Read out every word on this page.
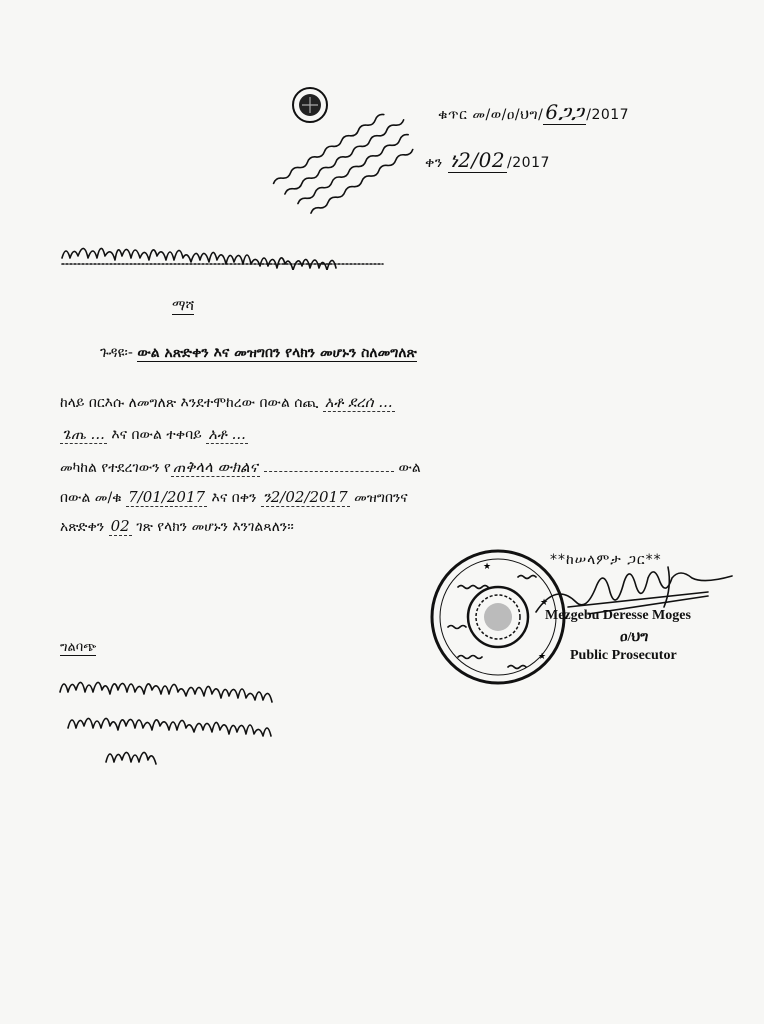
ቁጥር መ/ወ/ዐ/ህግ/ 6ጋጋ /2017
ቀን ነ2/02 /2017
ማሻ
ጉዳዩ፡- ውል አጽድቀን እና መዝግበን የላክን መሆኑን ስለመግለጽ
ከላይ በርእሱ ለመግለጽ እንደተሞከረው በውል ሰጪ አቶ ደረሰ ...
ጌጤ ... እና በውል ተቀባይ አቶ ...
መካከል የተደረገውን የ ጠቅላላ ውክልና	ውል
በውል መ/ቁ 7/01/2017 እና በቀን ን2/02/2017 መዝግበንና
አጽድቀን 02 ገጽ የላክን መሆኑን እንገልጻለን፡፡
**ከሠላምታ ጋር**
★
★
★
Mezgebu Deresse Moges
ዐ/ህግ
Public Prosecutor
ግልባጭ
